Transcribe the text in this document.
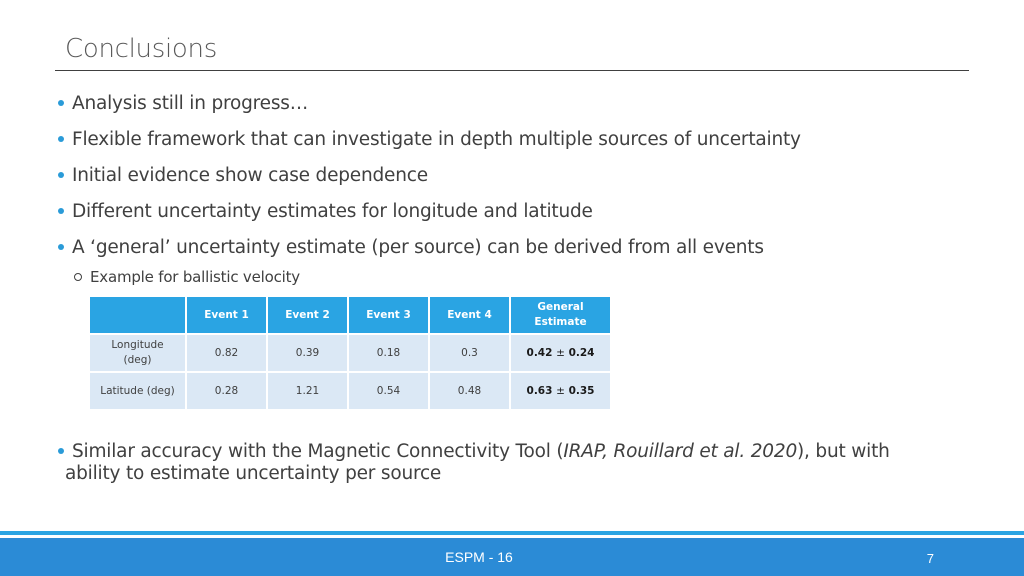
Conclusions
Analysis still in progress…
Flexible framework that can investigate in depth multiple sources of uncertainty
Initial evidence show case dependence
Different uncertainty estimates for longitude and latitude
A ‘general’ uncertainty estimate (per source) can be derived from all events
Example for ballistic velocity
	Event 1	Event 2	Event 3	Event 4	General Estimate
Longitude (deg)	0.82	0.39	0.18	0.3	0.42 ± 0.24
Latitude (deg)	0.28	1.21	0.54	0.48	0.63 ± 0.35
Similar accuracy with the Magnetic Connectivity Tool (IRAP, Rouillard et al. 2020), but with
ability to estimate uncertainty per source
ESPM - 16	7
